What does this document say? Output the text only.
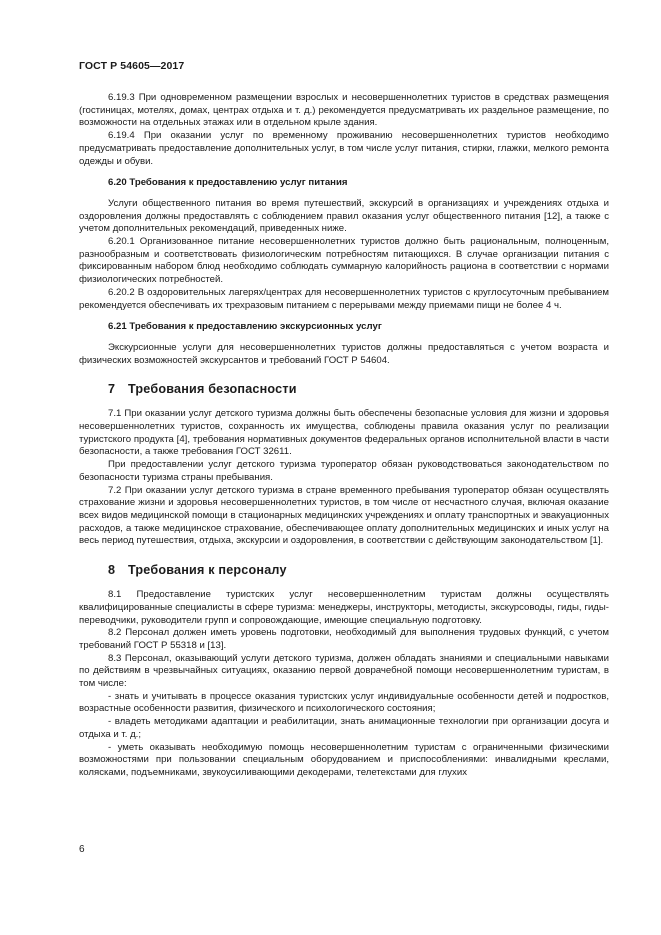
ГОСТ Р 54605—2017

6.19.3 При одновременном размещении взрослых и несовершеннолетних туристов в средствах размещения (гостиницах, мотелях, домах, центрах отдыха и т. д.) рекомендуется предусматривать их раздельное размещение, по возможности на отдельных этажах или в отдельном крыле здания.

6.19.4 При оказании услуг по временному проживанию несовершеннолетних туристов необходимо предусматривать предоставление дополнительных услуг, в том числе услуг питания, стирки, глажки, мелкого ремонта одежды и обуви.

6.20 Требования к предоставлению услуг питания

Услуги общественного питания во время путешествий, экскурсий в организациях и учреждениях отдыха и оздоровления должны предоставлять с соблюдением правил оказания услуг общественного питания [12], а также с учетом дополнительных рекомендаций, приведенных ниже.

6.20.1 Организованное питание несовершеннолетних туристов должно быть рациональным, полноценным, разнообразным и соответствовать физиологическим потребностям питающихся. В случае организации питания с фиксированным набором блюд необходимо соблюдать суммарную калорийность рациона в соответствии с нормами физиологических потребностей.

6.20.2 В оздоровительных лагерях/центрах для несовершеннолетних туристов с круглосуточным пребыванием рекомендуется обеспечивать их трехразовым питанием с перерывами между приемами пищи не более 4 ч.

6.21 Требования к предоставлению экскурсионных услуг

Экскурсионные услуги для несовершеннолетних туристов должны предоставляться с учетом возраста и физических возможностей экскурсантов и требований ГОСТ Р 54604.

7 Требования безопасности

7.1 При оказании услуг детского туризма должны быть обеспечены безопасные условия для жизни и здоровья несовершеннолетних туристов, сохранность их имущества, соблюдены правила оказания услуг по реализации туристского продукта [4], требования нормативных документов федеральных органов исполнительной власти в части безопасности, а также требования ГОСТ 32611.

При предоставлении услуг детского туризма туроператор обязан руководствоваться законодательством по безопасности туризма страны пребывания.

7.2 При оказании услуг детского туризма в стране временного пребывания туроператор обязан осуществлять страхование жизни и здоровья несовершеннолетних туристов, в том числе от несчастного случая, включая оказание всех видов медицинской помощи в стационарных медицинских учреждениях и оплату транспортных и эвакуационных расходов, а также медицинское страхование, обеспечивающее оплату дополнительных медицинских и иных услуг на весь период путешествия, отдыха, экскурсии и оздоровления, в соответствии с действующим законодательством [1].

8 Требования к персоналу

8.1 Предоставление туристских услуг несовершеннолетним туристам должны осуществлять квалифицированные специалисты в сфере туризма: менеджеры, инструкторы, методисты, экскурсоводы, гиды, гиды-переводчики, руководители групп и сопровождающие, имеющие специальную подготовку.

8.2 Персонал должен иметь уровень подготовки, необходимый для выполнения трудовых функций, с учетом требований ГОСТ Р 55318 и [13].

8.3 Персонал, оказывающий услуги детского туризма, должен обладать знаниями и специальными навыками по действиям в чрезвычайных ситуациях, оказанию первой доврачебной помощи несовершеннолетним туристам, в том числе:

- знать и учитывать в процессе оказания туристских услуг индивидуальные особенности детей и подростков, возрастные особенности развития, физического и психологического состояния;

- владеть методиками адаптации и реабилитации, знать анимационные технологии при организации досуга и отдыха и т. д.;

- уметь оказывать необходимую помощь несовершеннолетним туристам с ограниченными физическими возможностями при пользовании специальным оборудованием и приспособлениями: инвалидными креслами, колясками, подъемниками, звукоусиливающими декодерами, телетекстами для глухих

6
